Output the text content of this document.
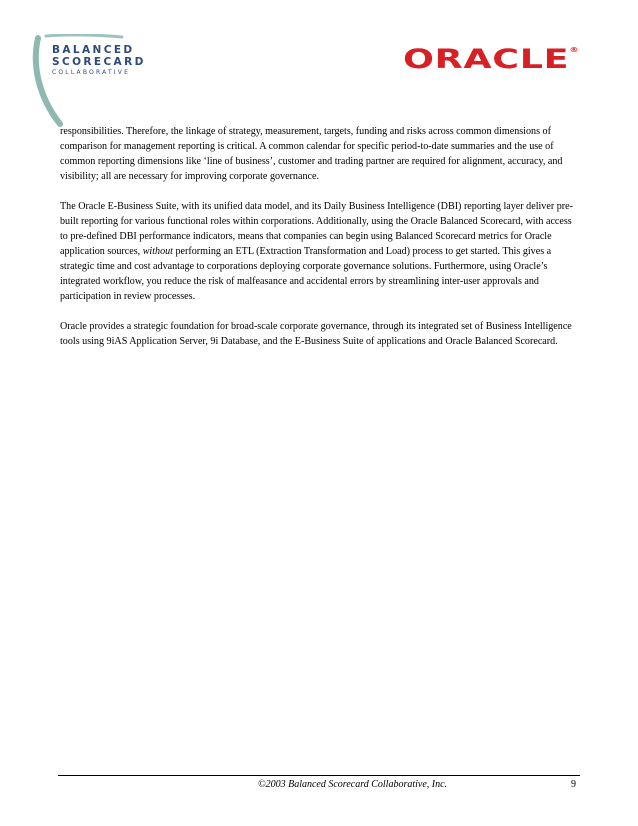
BALANCED
SCORECARD
COLLABORATIVE	ORACLE®

responsibilities. Therefore, the linkage of strategy, measurement, targets, funding and risks across common dimensions of comparison for management reporting is critical. A common calendar for specific period-to-date summaries and the use of common reporting dimensions like ‘line of business’, customer and trading partner are required for alignment, accuracy, and visibility; all are necessary for improving corporate governance.

The Oracle E-Business Suite, with its unified data model, and its Daily Business Intelligence (DBI) reporting layer deliver pre-built reporting for various functional roles within corporations. Additionally, using the Oracle Balanced Scorecard, with access to pre-defined DBI performance indicators, means that companies can begin using Balanced Scorecard metrics for Oracle application sources, without performing an ETL (Extraction Transformation and Load) process to get started. This gives a strategic time and cost advantage to corporations deploying corporate governance solutions. Furthermore, using Oracle’s integrated workflow, you reduce the risk of malfeasance and accidental errors by streamlining inter-user approvals and participation in review processes.

Oracle provides a strategic foundation for broad-scale corporate governance, through its integrated set of Business Intelligence tools using 9iAS Application Server, 9i Database, and the E-Business Suite of applications and Oracle Balanced Scorecard.

©2003 Balanced Scorecard Collaborative, Inc.	9
